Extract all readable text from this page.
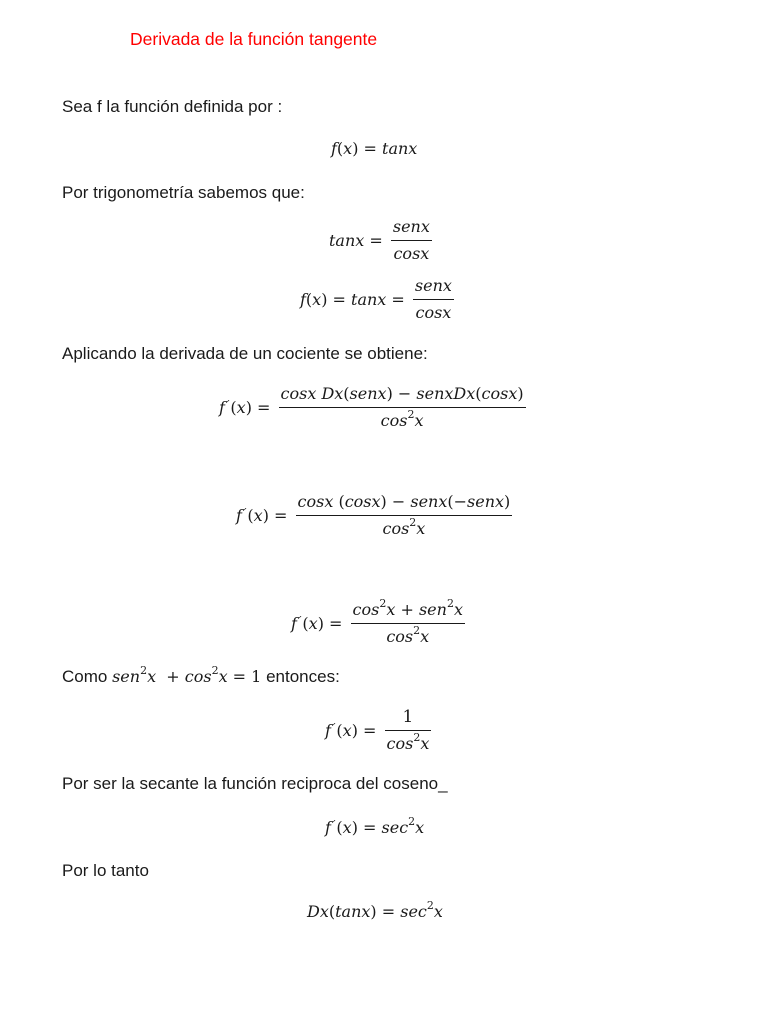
Derivada de la función tangente
Sea f la función definida por :
f ( x ) = tanx
Por trigonometría sabemos que:
$\tan x = \frac{\text{senx}}{\cos x}$
f ( x ) = $\tan x = \frac{\text{senx}}{\cos x}$
Aplicando la derivada de un cociente se obtiene:
f´ ( x ) = $\frac{\text{cosx Dx(senx) − senxDx(cosx)}}{\cos^2x}$
f´ ( x ) = $\frac{\text{cosx (cosx) − senx(−senx)}}{\cos^2x}$
f´ ( x ) = $\frac{\cos^2x + sen^2x}{\cos^2x}$
Como $sen^2x + \cos^2x = 1$ entonces:
f´ ( x ) = $\frac{1}{\cos^2x}$
Por ser la secante la función reciproca del coseno_
f´ ( x ) = $\sec^2x$
Por lo tanto
Dx ( tanx ) = $\sec^2x$
